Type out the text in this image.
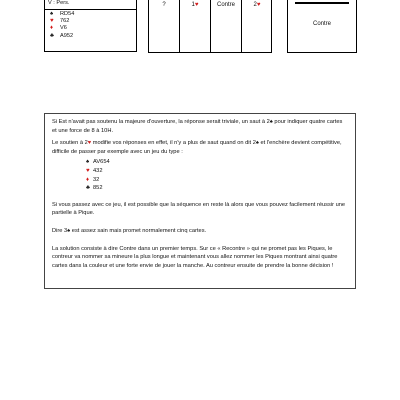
V : Pers.
♠	RD54
♥	762
♦	V6
♣	A952
?	1♥	Contre	2♥
Contre

Si Est n'avait pas soutenu la majeure d'ouverture, la réponse serait triviale, un saut à 2♠ pour indiquer quatre cartes et une force de 8 à 10H.

Le soutien à 2♥ modifie vos réponses en effet, il n'y a plus de saut quand on dit 2♠ et l'enchère devient compétitive, difficile de passer par exemple avec un jeu du type :

♠ AV654
♥ 432
♦ 32
♣ 852

Si vous passez avec ce jeu, il est possible que la séquence en reste là alors que vous pouvez facilement réussir une partielle à Pique.

Dire 3♠ est assez sain mais promet normalement cinq cartes.

La solution consiste à dire Contre dans un premier temps. Sur ce « Recontre » qui ne promet pas les Piques, le contreur va nommer sa mineure la plus longue et maintenant vous allez nommer les Piques montrant ainsi quatre cartes dans la couleur et une forte envie de jouer la manche. Au contreur ensuite de prendre la bonne décision !
